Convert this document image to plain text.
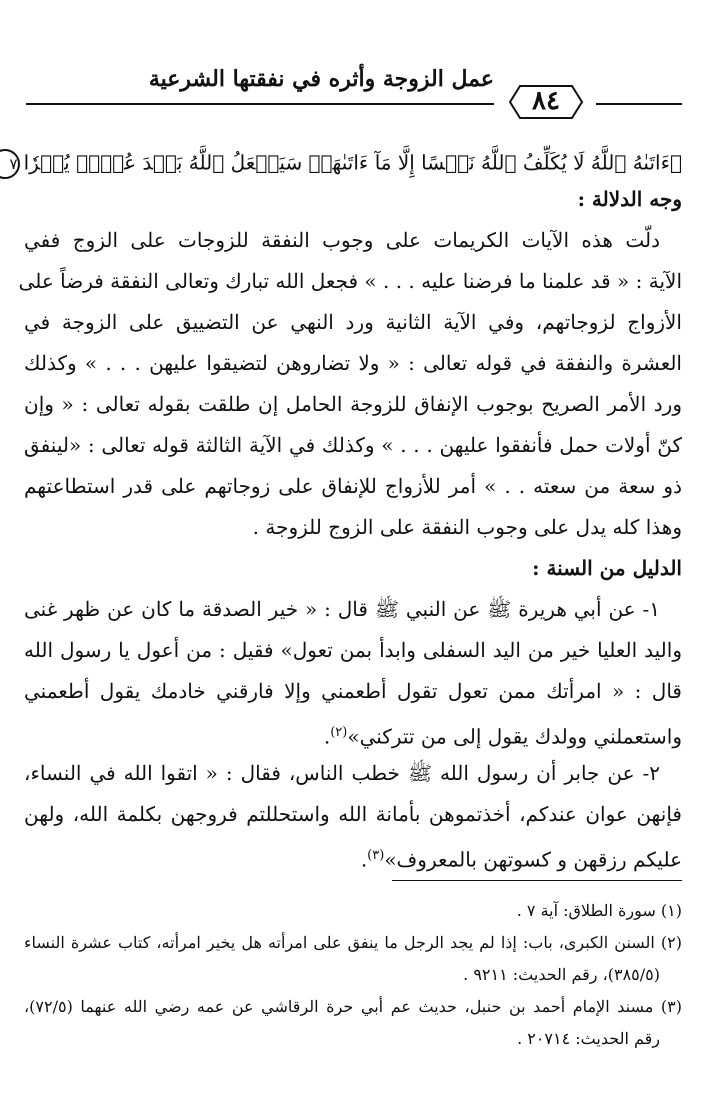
عمل الزوجة وأثره في نفقتها الشرعية
٨٤
﴿ءَاتَىٰهُ ٱللَّهُ لَا يُكَلِّفُ ٱللَّهُ نَفۡسًا إِلَّا مَآ ءَاتَىٰهَاۚ سَيَجۡعَلُ ٱللَّهُ بَعۡدَ عُسۡرٖ يُسۡرٗا٧
وجه الدلالة :
دلّت هذه الآيات الكريمات على وجوب النفقة للزوجات على الزوج ففي
الآية : « قد علمنا ما فرضنا عليه . . . » فجعل الله تبارك وتعالى النفقة فرضاً على
الأزواج لزوجاتهم، وفي الآية الثانية ورد النهي عن التضييق على الزوجة في
العشرة والنفقة في قوله تعالى : « ولا تضاروهن لتضيقوا عليهن . . . » وكذلك
ورد الأمر الصريح بوجوب الإنفاق للزوجة الحامل إن طلقت بقوله تعالى : « وإن
كنّ أولات حمل فأنفقوا عليهن . . . » وكذلك في الآية الثالثة قوله تعالى : «لينفق
ذو سعة من سعته . . » أمر للأزواج للإنفاق على زوجاتهم على قدر استطاعتهم
وهذا كله يدل على وجوب النفقة على الزوج للزوجة .
الدليل من السنة :
١- عن أبي هريرة ﷺ عن النبي ﷺ قال : « خير الصدقة ما كان عن ظهر غنى
واليد العليا خير من اليد السفلى وابدأ بمن تعول» فقيل : من أعول يا رسول الله
قال : « امرأتك ممن تعول تقول أطعمني وإلا فارقني خادمك يقول أطعمني
واستعملني وولدك يقول إلى من تتركني»$^{(٢)}$.
٢- عن جابر أن رسول الله ﷺ خطب الناس، فقال : « اتقوا الله في النساء،
فإنهن عوان عندكم، أخذتموهن بأمانة الله واستحللتم فروجهن بكلمة الله، ولهن
عليكم رزقهن و كسوتهن بالمعروف»$^{(٣)}$.
(١) سورة الطلاق: آية ٧ .
(٢) السنن الكبرى، باب: إذا لم يجد الرجل ما ينفق على امرأته هل يخير امرأته، كتاب عشرة النساء
(٣٨٥/٥)، رقم الحديث: ٩٢١١ .
(٣) مسند الإمام أحمد بن حنبل، حديث عم أبي حرة الرقاشي عن عمه رضي الله عنهما (٧٢/٥)،
رقم الحديث: ٢٠٧١٤ .
